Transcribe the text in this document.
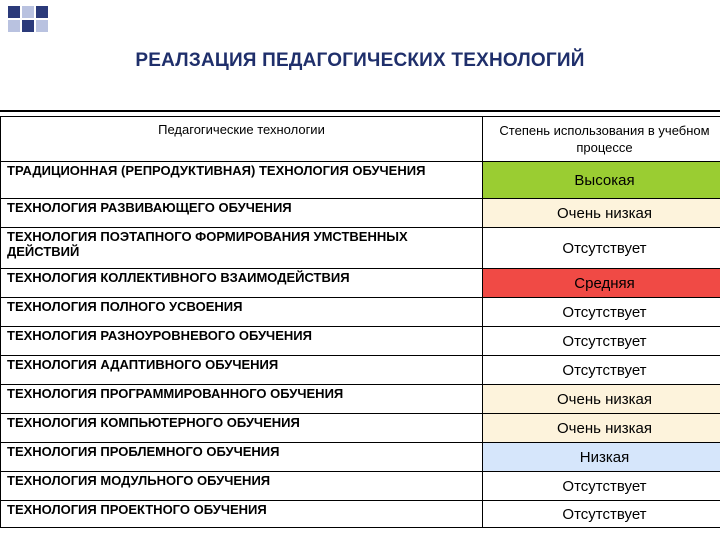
РЕАЛЗАЦИЯ ПЕДАГОГИЧЕСКИХ ТЕХНОЛОГИЙ
Педагогические технологии	Степень использования в учебном процессе

ТРАДИЦИОННАЯ (РЕПРОДУКТИВНАЯ) ТЕХНОЛОГИЯ ОБУЧЕНИЯ	Высокая

ТЕХНОЛОГИЯ РАЗВИВАЮЩЕГО ОБУЧЕНИЯ	Очень низкая

ТЕХНОЛОГИЯ ПОЭТАПНОГО ФОРМИРОВАНИЯ УМСТВЕННЫХ ДЕЙСТВИЙ	Отсутствует

ТЕХНОЛОГИЯ КОЛЛЕКТИВНОГО ВЗАИМОДЕЙСТВИЯ	Средняя

ТЕХНОЛОГИЯ ПОЛНОГО УСВОЕНИЯ	Отсутствует

ТЕХНОЛОГИЯ РАЗНОУРОВНЕВОГО ОБУЧЕНИЯ	Отсутствует

ТЕХНОЛОГИЯ АДАПТИВНОГО ОБУЧЕНИЯ	Отсутствует

ТЕХНОЛОГИЯ ПРОГРАММИРОВАННОГО ОБУЧЕНИЯ	Очень низкая

ТЕХНОЛОГИЯ КОМПЬЮТЕРНОГО ОБУЧЕНИЯ	Очень низкая

ТЕХНОЛОГИЯ ПРОБЛЕМНОГО ОБУЧЕНИЯ	Низкая

ТЕХНОЛОГИЯ МОДУЛЬНОГО ОБУЧЕНИЯ	Отсутствует

ТЕХНОЛОГИЯ ПРОЕКТНОГО ОБУЧЕНИЯ	Отсутствует
